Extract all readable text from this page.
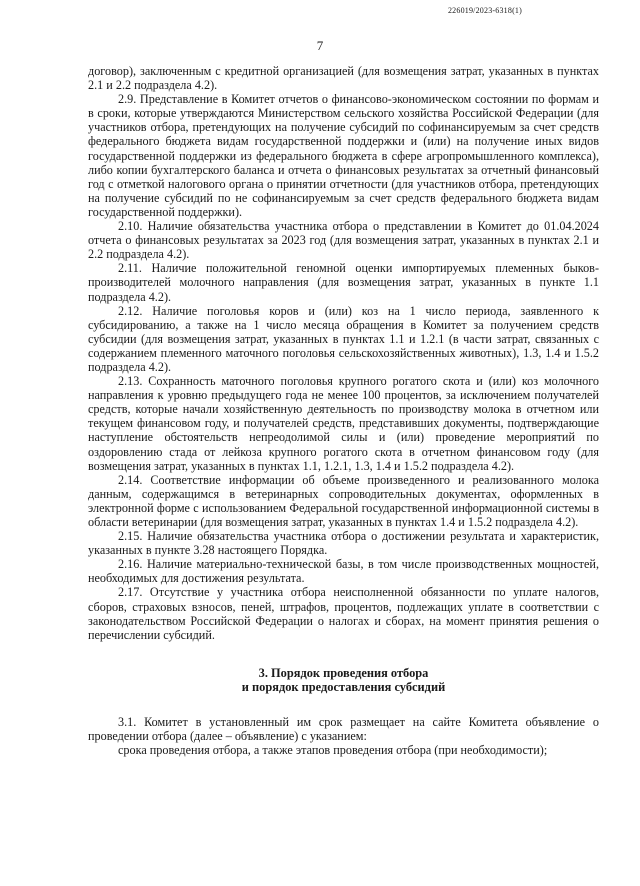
226019/2023-6318(1)
7

договор), заключенным с кредитной организацией (для возмещения затрат, указанных в пунктах 2.1 и 2.2 подраздела 4.2).

2.9. Представление в Комитет отчетов о финансово-экономическом состоянии по формам и в сроки, которые утверждаются Министерством сельского хозяйства Российской Федерации (для участников отбора, претендующих на получение субсидий по софинансируемым за счет средств федерального бюджета видам государственной поддержки и (или) на получение иных видов государственной поддержки из федерального бюджета в сфере агропромышленного комплекса), либо копии бухгалтерского баланса и отчета о финансовых результатах за отчетный финансовый год с отметкой налогового органа о принятии отчетности (для участников отбора, претендующих на получение субсидий по не софинансируемым за счет средств федерального бюджета видам государственной поддержки).

2.10. Наличие обязательства участника отбора о представлении в Комитет до 01.04.2024 отчета о финансовых результатах за 2023 год (для возмещения затрат, указанных в пунктах 2.1 и 2.2 подраздела 4.2).

2.11. Наличие положительной геномной оценки импортируемых племенных быков-производителей молочного направления (для возмещения затрат, указанных в пункте 1.1 подраздела 4.2).

2.12. Наличие поголовья коров и (или) коз на 1 число периода, заявленного к субсидированию, а также на 1 число месяца обращения в Комитет за получением средств субсидии (для возмещения затрат, указанных в пунктах 1.1 и 1.2.1 (в части затрат, связанных с содержанием племенного маточного поголовья сельскохозяйственных животных), 1.3, 1.4 и 1.5.2 подраздела 4.2).

2.13. Сохранность маточного поголовья крупного рогатого скота и (или) коз молочного направления к уровню предыдущего года не менее 100 процентов, за исключением получателей средств, которые начали хозяйственную деятельность по производству молока в отчетном или текущем финансовом году, и получателей средств, представивших документы, подтверждающие наступление обстоятельств непреодолимой силы и (или) проведение мероприятий по оздоровлению стада от лейкоза крупного рогатого скота в отчетном финансовом году (для возмещения затрат, указанных в пунктах 1.1, 1.2.1, 1.3, 1.4 и 1.5.2 подраздела 4.2).

2.14. Соответствие информации об объеме произведенного и реализованного молока данным, содержащимся в ветеринарных сопроводительных документах, оформленных в электронной форме с использованием Федеральной государственной информационной системы в области ветеринарии (для возмещения затрат, указанных в пунктах 1.4 и 1.5.2 подраздела 4.2).

2.15. Наличие обязательства участника отбора о достижении результата и характеристик, указанных в пункте 3.28 настоящего Порядка.

2.16. Наличие материально-технической базы, в том числе производственных мощностей, необходимых для достижения результата.

2.17. Отсутствие у участника отбора неисполненной обязанности по уплате налогов, сборов, страховых взносов, пеней, штрафов, процентов, подлежащих уплате в соответствии с законодательством Российской Федерации о налогах и сборах, на момент принятия решения о перечислении субсидий.

3. Порядок проведения отбора
и порядок предоставления субсидий

3.1. Комитет в установленный им срок размещает на сайте Комитета объявление о проведении отбора (далее – объявление) с указанием:

срока проведения отбора, а также этапов проведения отбора (при необходимости);
